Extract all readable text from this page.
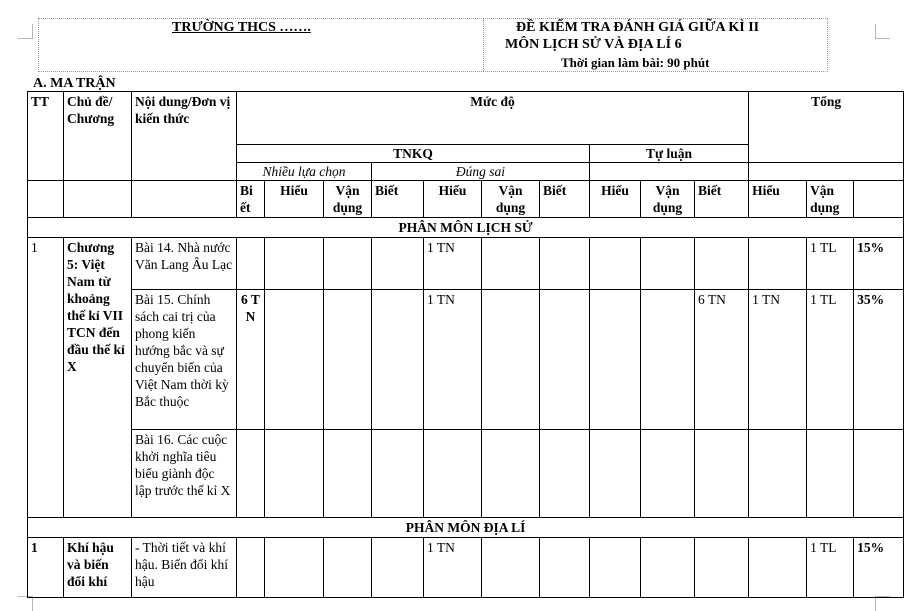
TRƯỜNG THCS …….	ĐỀ KIỂM TRA ĐÁNH GIÁ GIỮA KÌ II
MÔN LỊCH SỬ VÀ ĐỊA LÍ 6
Thời gian làm bài: 90 phút
A. MA TRẬN
TT	Chủ đề/ Chương	Nội dung/Đơn vị kiến thức	Mức độ										Tổng	
			TNKQ							Tự luận						
			Nhiều lựa chọn			Đúng sai										
			Bi ết	Hiểu	Vận dụng	Biết	Hiểu	Vận dụng	Biết	Hiểu	Vận dụng	Biết	Hiểu	Vận dụng		
PHÂN MÔN LỊCH SỬ																
1	Chương 5: Việt Nam từ khoảng thế kỉ VII TCN đến đầu thế kỉ X	Bài 14. Nhà nước Văn Lang Âu Lạc					1 TN							1 TL	15%	
		Bài 15. Chính sách cai trị của phong kiến hướng bắc và sự chuyển biến của Việt Nam thời kỳ Bắc thuộc	6 T N				1 TN					6 TN	1 TN	1 TL	35%	
		Bài 16. Các cuộc khởi nghĩa tiêu biểu giành độc lập trước thế kỉ X														
PHÂN MÔN ĐỊA LÍ																
1	Khí hậu và biến đổi khí	- Thời tiết và khí hậu. Biến đổi khí hậu					1 TN							1 TL	15%	
